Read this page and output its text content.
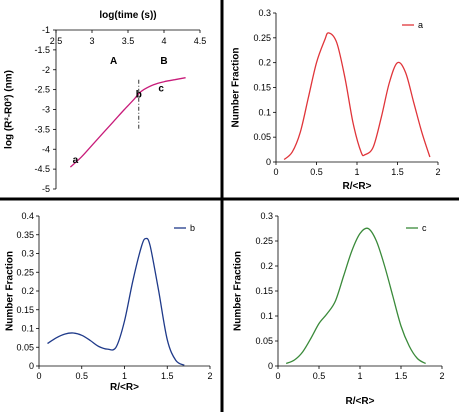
2.5	3	3.5	4	4.5
-1
-1.5
-2
-2.5
-3
-3.5
-4
-4.5
-5
log(time (s))
log (R²-R0²) (nm)
A	B
a
b
c
0	0.5	1	1.5	2
0
0.05
0.1
0.15
0.2
0.25
0.3
R/<R>
Number Fraction
a
0	0.5	1	1.5	2
0
0.05
0.1
0.15
0.2
0.25
0.3
0.35
0.4
R/<R>
Number Fraction
b
0	0.5	1	1.5	2
0
0.05
0.1
0.15
0.2
0.25
0.3
R/<R>
Number Fraction
c
